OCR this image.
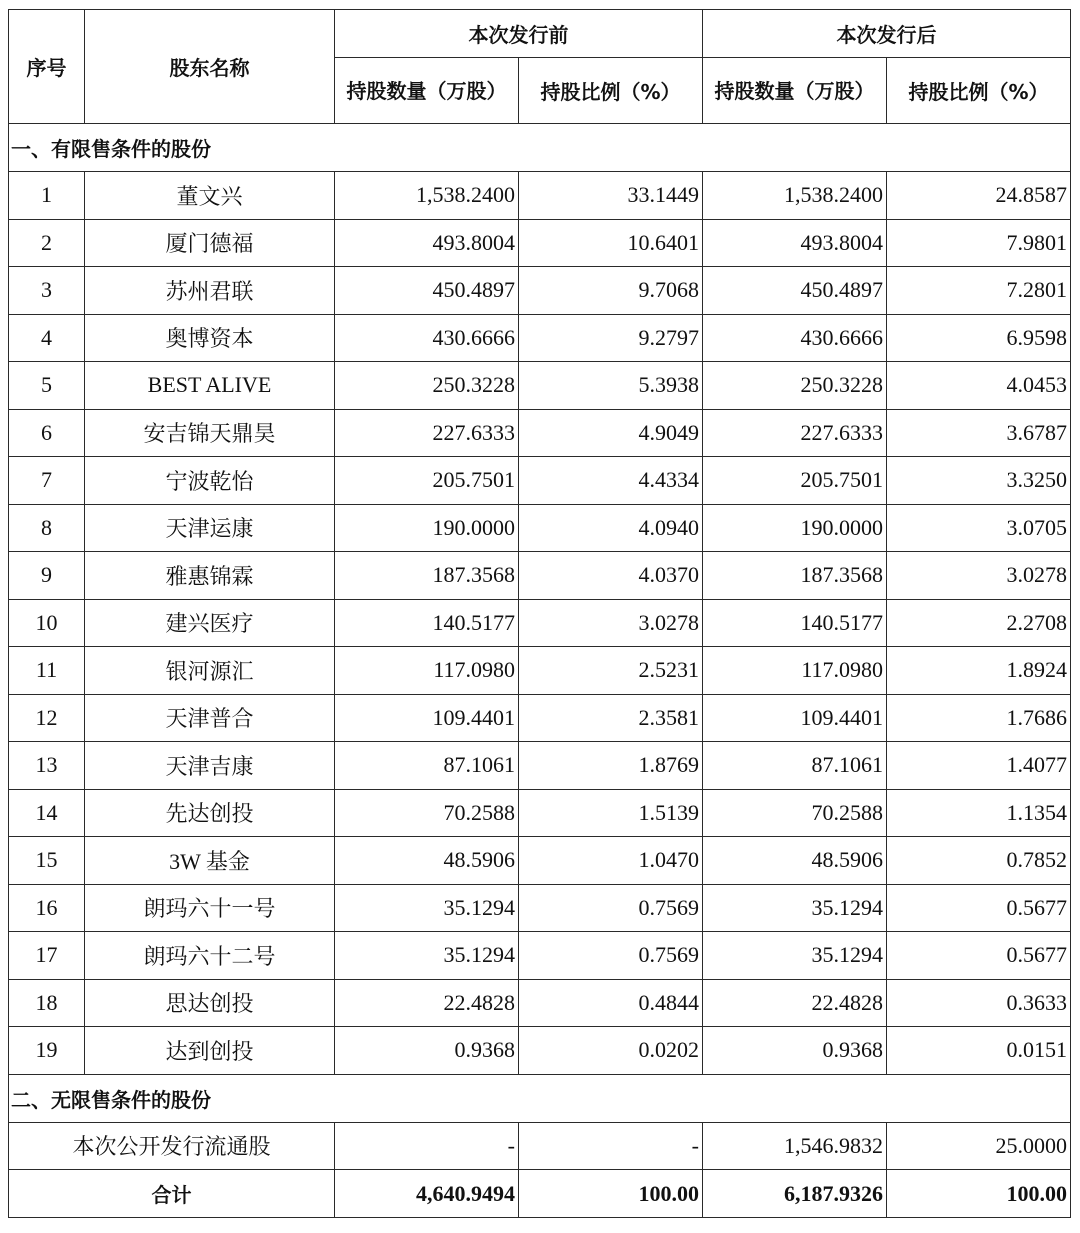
序号	股东名称	本次发行前		本次发行后	
		持股数量（万股）	持股比例（%）	持股数量（万股）	持股比例（%）
一、有限售条件的股份					
1	董文兴	1,538.2400	33.1449	1,538.2400	24.8587
2	厦门德福	493.8004	10.6401	493.8004	7.9801
3	苏州君联	450.4897	9.7068	450.4897	7.2801
4	奥博资本	430.6666	9.2797	430.6666	6.9598
5	BEST ALIVE	250.3228	5.3938	250.3228	4.0453
6	安吉锦天鼎昊	227.6333	4.9049	227.6333	3.6787
7	宁波乾怡	205.7501	4.4334	205.7501	3.3250
8	天津运康	190.0000	4.0940	190.0000	3.0705
9	雅惠锦霖	187.3568	4.0370	187.3568	3.0278
10	建兴医疗	140.5177	3.0278	140.5177	2.2708
11	银河源汇	117.0980	2.5231	117.0980	1.8924
12	天津普合	109.4401	2.3581	109.4401	1.7686
13	天津吉康	87.1061	1.8769	87.1061	1.4077
14	先达创投	70.2588	1.5139	70.2588	1.1354
15	3W 基金	48.5906	1.0470	48.5906	0.7852
16	朗玛六十一号	35.1294	0.7569	35.1294	0.5677
17	朗玛六十二号	35.1294	0.7569	35.1294	0.5677
18	思达创投	22.4828	0.4844	22.4828	0.3633
19	达到创投	0.9368	0.0202	0.9368	0.0151
二、无限售条件的股份					
本次公开发行流通股		-	-	1,546.9832	25.0000
合计		4,640.9494	100.00	6,187.9326	100.00
